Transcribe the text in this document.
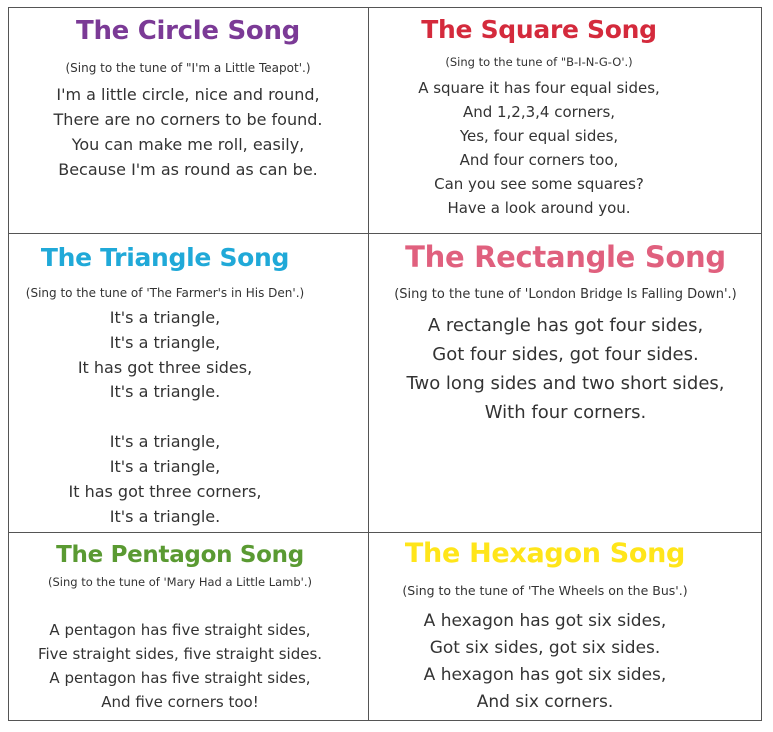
The Circle Song
(Sing to the tune of "I'm a Little Teapot'.)
I'm a little circle, nice and round,
There are no corners to be found.
You can make me roll, easily,
Because I'm as round as can be.
The Square Song
(Sing to the tune of "B-I-N-G-O'.)
A square it has four equal sides,
And 1,2,3,4 corners,
Yes, four equal sides,
And four corners too,
Can you see some squares?
Have a look around you.
The Triangle Song
(Sing to the tune of 'The Farmer's in His Den'.)
It's a triangle,
It's a triangle,
It has got three sides,
It's a triangle.
It's a triangle,
It's a triangle,
It has got three corners,
It's a triangle.
The Rectangle Song
(Sing to the tune of 'London Bridge Is Falling Down'.)
A rectangle has got four sides,
Got four sides, got four sides.
Two long sides and two short sides,
With four corners.
The Pentagon Song
(Sing to the tune of 'Mary Had a Little Lamb'.)
A pentagon has five straight sides,
Five straight sides, five straight sides.
A pentagon has five straight sides,
And five corners too!
The Hexagon Song
(Sing to the tune of 'The Wheels on the Bus'.)
A hexagon has got six sides,
Got six sides, got six sides.
A hexagon has got six sides,
And six corners.
